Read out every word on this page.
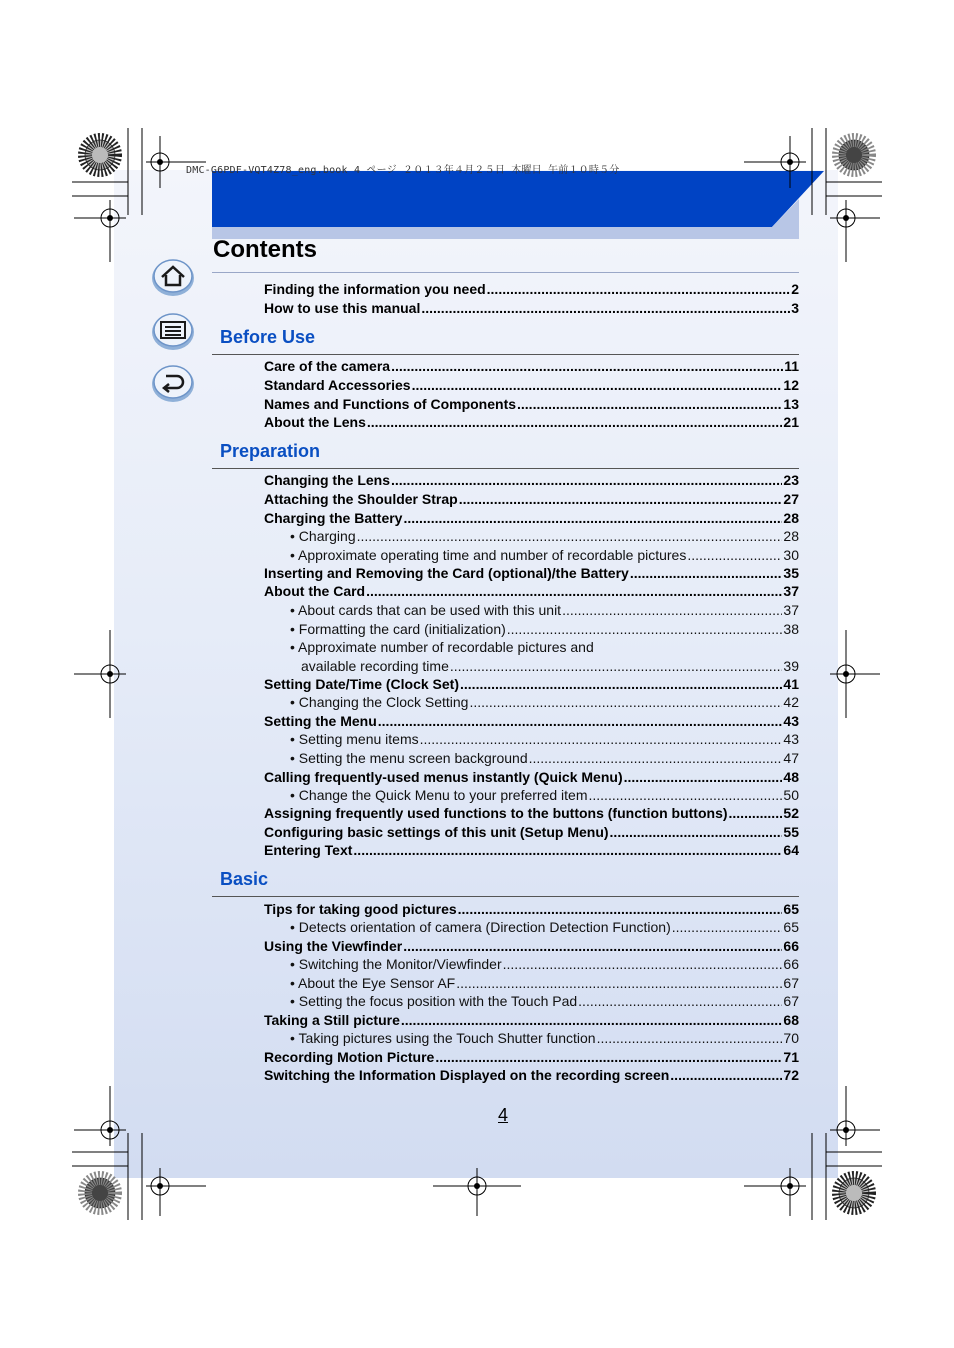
DMC-G6PDF-VQT4Z78_eng.book 4 ページ ２０１３年４月２５日 木曜日 午前１０時５分
Contents
Finding the information you need .....	2
How to use this manual .....	3
Before Use
Care of the camera .....	11
Standard Accessories .....	12
Names and Functions of Components .....	13
About the Lens .....	21
Preparation
Changing the Lens .....	23
Attaching the Shoulder Strap .....	27
Charging the Battery .....	28
• Charging .....	28
• Approximate operating time and number of recordable pictures .....	30
Inserting and Removing the Card (optional)/the Battery .....	35
About the Card .....	37
• About cards that can be used with this unit .....	37
• Formatting the card (initialization) .....	38
• Approximate number of recordable pictures and
available recording time .....	39
Setting Date/Time (Clock Set) .....	41
• Changing the Clock Setting .....	42
Setting the Menu .....	43
• Setting menu items .....	43
• Setting the menu screen background .....	47
Calling frequently-used menus instantly (Quick Menu) .....	48
• Change the Quick Menu to your preferred item .....	50
Assigning frequently used functions to the buttons (function buttons) .....	52
Configuring basic settings of this unit (Setup Menu) .....	55
Entering Text .....	64
Basic
Tips for taking good pictures .....	65
• Detects orientation of camera (Direction Detection Function) .....	65
Using the Viewfinder .....	66
• Switching the Monitor/Viewfinder .....	66
• About the Eye Sensor AF .....	67
• Setting the focus position with the Touch Pad .....	67
Taking a Still picture .....	68
• Taking pictures using the Touch Shutter function .....	70
Recording Motion Picture .....	71
Switching the Information Displayed on the recording screen .....	72
4
